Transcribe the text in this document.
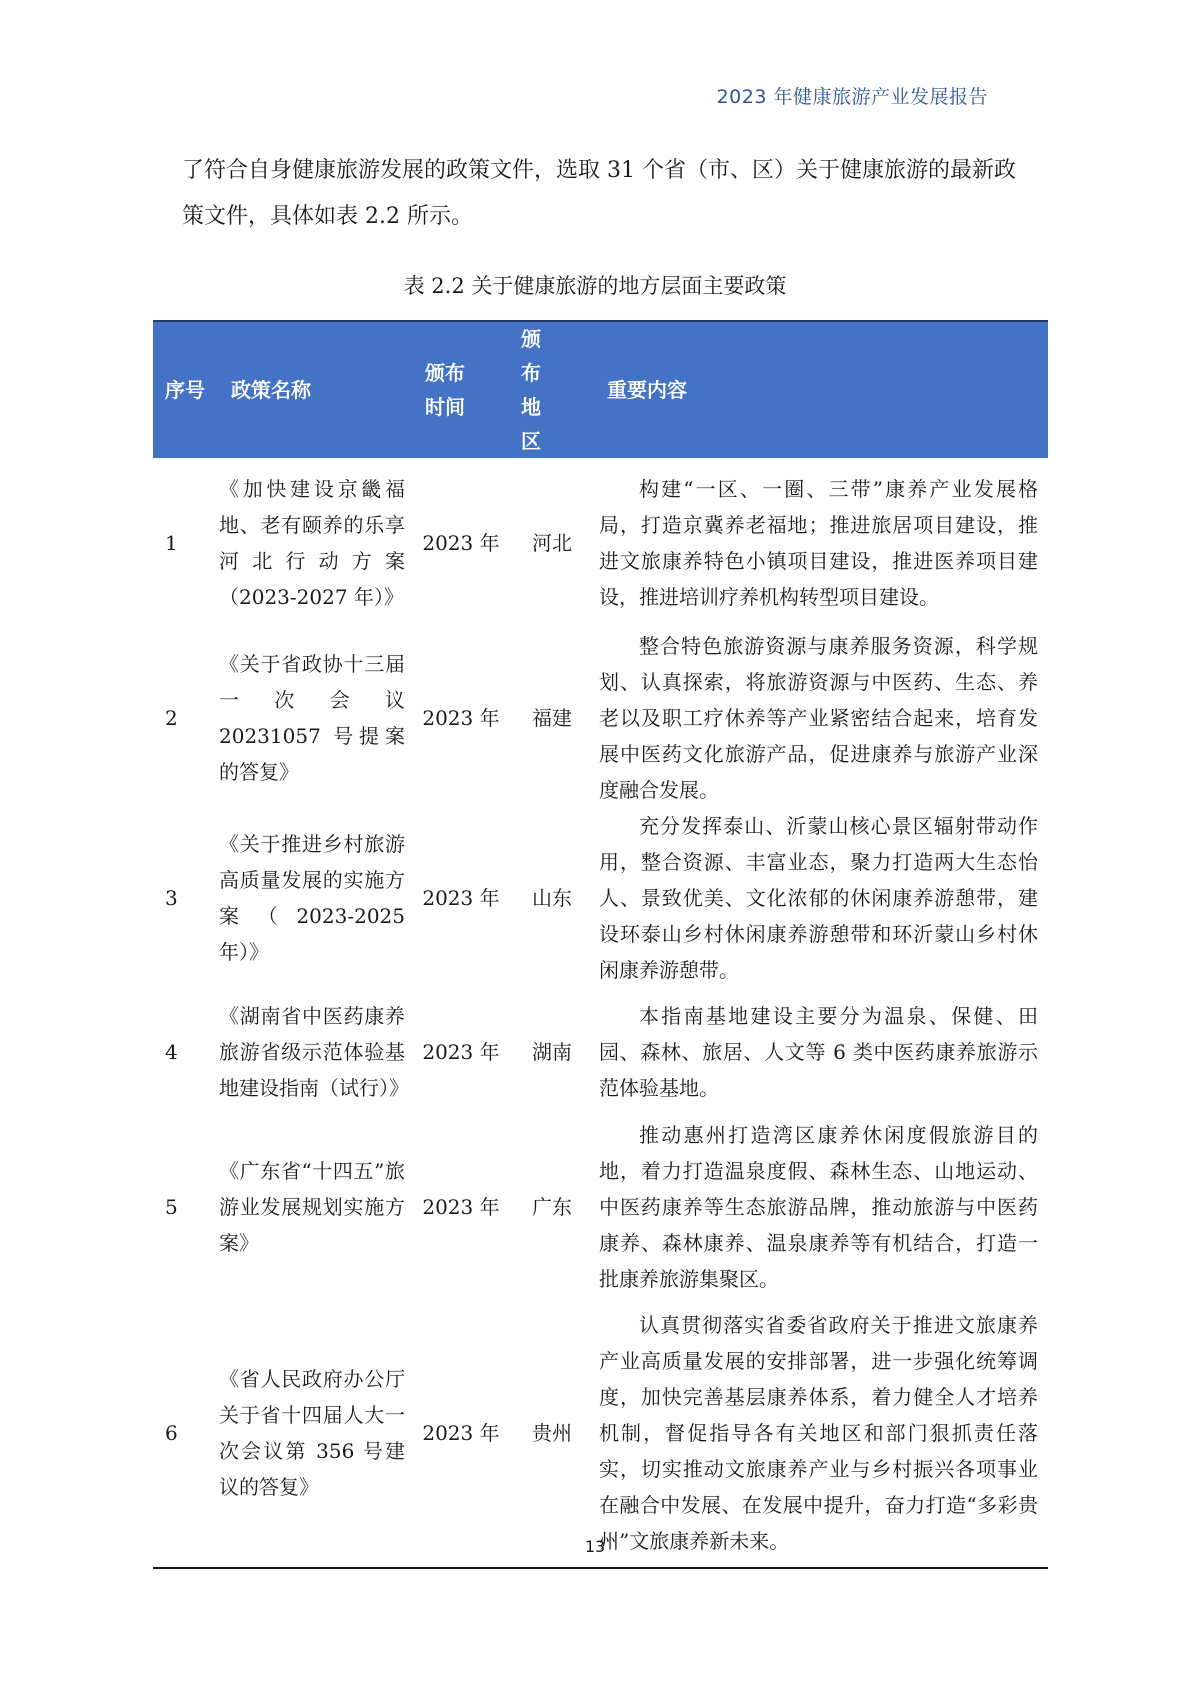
2023 年健康旅游产业发展报告

了符合自身健康旅游发展的政策文件，选取 31 个省（市、区）关于健康旅游的最新政策文件，具体如表 2.2 所示。

表 2.2 关于健康旅游的地方层面主要政策
序号	政策名称	颁布时间	颁布地区	重要内容
1	《加快建设京畿福地、老有颐养的乐享河北行动方案（2023-2027 年）》	2023 年	河北	构建“一区、一圈、三带”康养产业发展格局，打造京冀养老福地；推进旅居项目建设，推进文旅康养特色小镇项目建设，推进医养项目建设，推进培训疗养机构转型项目建设。
2	《关于省政协十三届一次会议 20231057 号提案的答复》	2023 年	福建	整合特色旅游资源与康养服务资源，科学规划、认真探索，将旅游资源与中医药、生态、养老以及职工疗休养等产业紧密结合起来，培育发展中医药文化旅游产品，促进康养与旅游产业深度融合发展。
3	《关于推进乡村旅游高质量发展的实施方案（2023-2025 年）》	2023 年	山东	充分发挥泰山、沂蒙山核心景区辐射带动作用，整合资源、丰富业态，聚力打造两大生态怡人、景致优美、文化浓郁的休闲康养游憩带，建设环泰山乡村休闲康养游憩带和环沂蒙山乡村休闲康养游憩带。
4	《湖南省中医药康养旅游省级示范体验基地建设指南（试行）》	2023 年	湖南	本指南基地建设主要分为温泉、保健、田园、森林、旅居、人文等 6 类中医药康养旅游示范体验基地。
5	《广东省“十四五”旅游业发展规划实施方案》	2023 年	广东	推动惠州打造湾区康养休闲度假旅游目的地，着力打造温泉度假、森林生态、山地运动、中医药康养等生态旅游品牌，推动旅游与中医药康养、森林康养、温泉康养等有机结合，打造一批康养旅游集聚区。
6	《省人民政府办公厅关于省十四届人大一次会议第 356 号建议的答复》	2023 年	贵州	认真贯彻落实省委省政府关于推进文旅康养产业高质量发展的安排部署，进一步强化统筹调度，加快完善基层康养体系，着力健全人才培养机制，督促指导各有关地区和部门狠抓责任落实，切实推动文旅康养产业与乡村振兴各项事业在融合中发展、在发展中提升，奋力打造“多彩贵州”文旅康养新未来。
13
